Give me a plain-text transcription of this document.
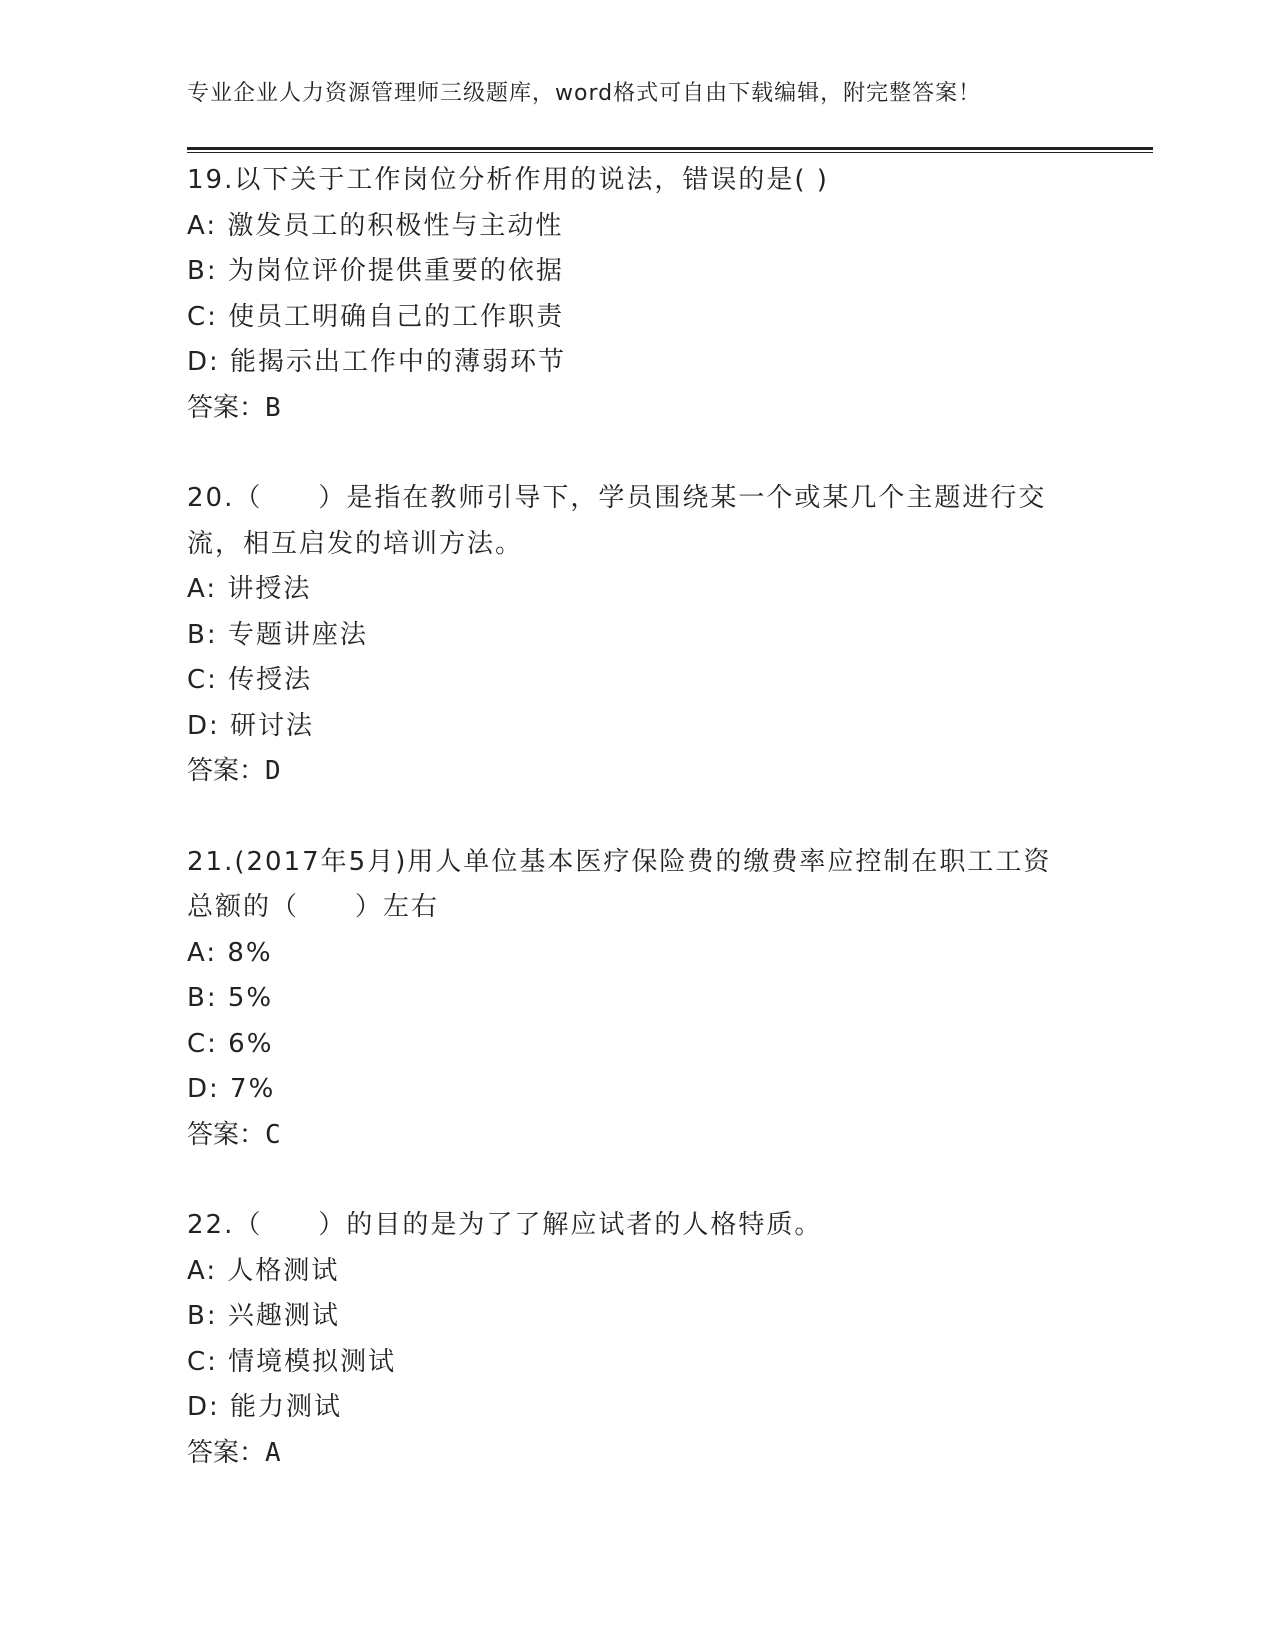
专业企业人力资源管理师三级题库，word格式可自由下载编辑，附完整答案！
19.以下关于工作岗位分析作用的说法，错误的是( )
A: 激发员工的积极性与主动性
B: 为岗位评价提供重要的依据
C: 使员工明确自己的工作职责
D: 能揭示出工作中的薄弱环节
答案：B
20.（　　）是指在教师引导下，学员围绕某一个或某几个主题进行交
流，相互启发的培训方法。
A: 讲授法
B: 专题讲座法
C: 传授法
D: 研讨法
答案：D
21.(2017年5月)用人单位基本医疗保险费的缴费率应控制在职工工资
总额的（　　）左右
A: 8%
B: 5%
C: 6%
D: 7%
答案：C
22.（　　）的目的是为了了解应试者的人格特质。
A: 人格测试
B: 兴趣测试
C: 情境模拟测试
D: 能力测试
答案：A
